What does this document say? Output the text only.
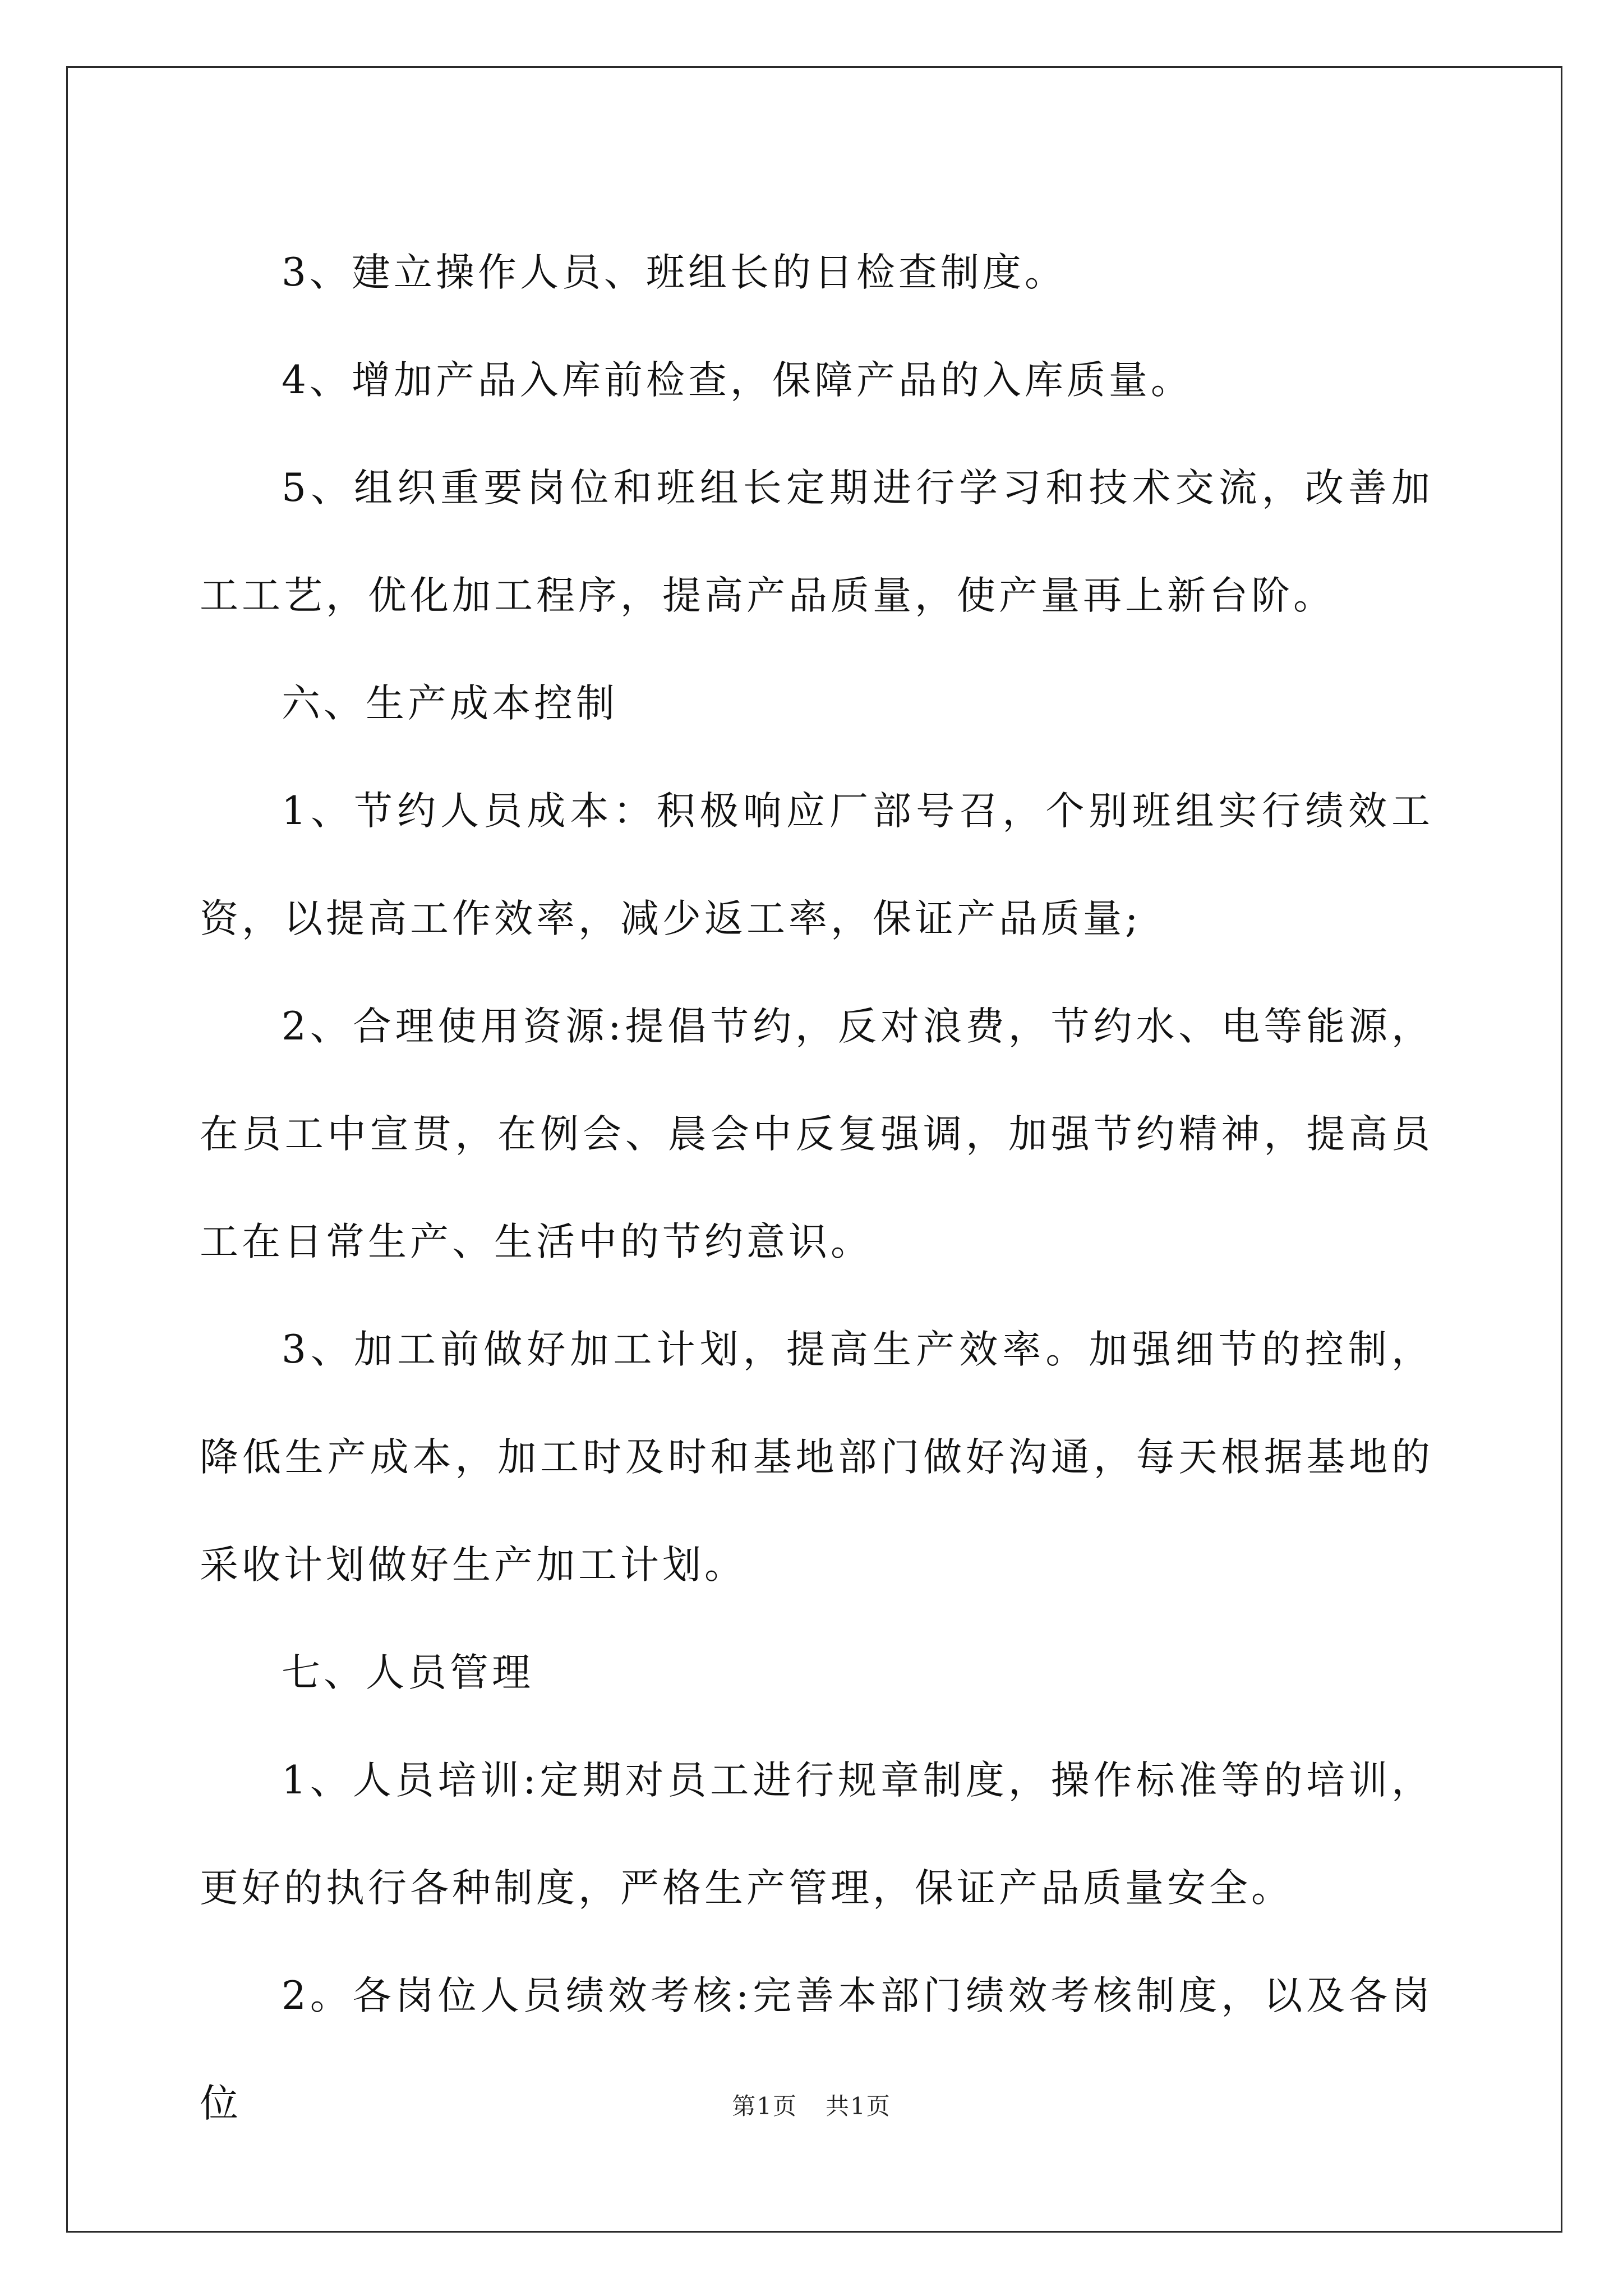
3、建立操作人员、班组长的日检查制度。

4、增加产品入库前检查，保障产品的入库质量。

5、组织重要岗位和班组长定期进行学习和技术交流，改善加工工艺，优化加工程序，提高产品质量，使产量再上新台阶。

六、生产成本控制

1、节约人员成本：积极响应厂部号召，个别班组实行绩效工资，以提高工作效率，减少返工率，保证产品质量;

2、合理使用资源:提倡节约，反对浪费，节约水、电等能源，在员工中宣贯，在例会、晨会中反复强调，加强节约精神，提高员工在日常生产、生活中的节约意识。

3、加工前做好加工计划，提高生产效率。加强细节的控制，降低生产成本，加工时及时和基地部门做好沟通，每天根据基地的采收计划做好生产加工计划。

七、人员管理

1、人员培训:定期对员工进行规章制度，操作标准等的培训，更好的执行各种制度，严格生产管理，保证产品质量安全。

2。各岗位人员绩效考核:完善本部门绩效考核制度，以及各岗位	第1页 共1页
